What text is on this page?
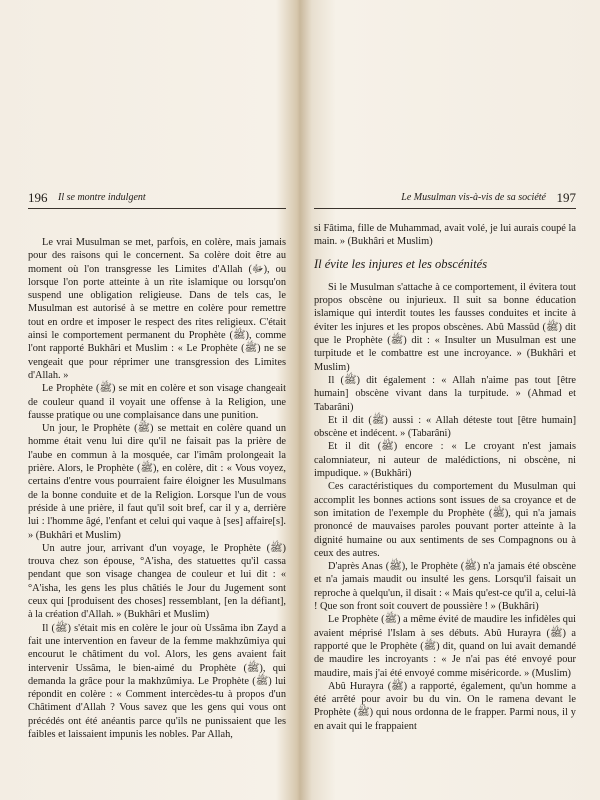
196 Il se montre indulgent

Le vrai Musulman se met, parfois, en colère, mais jamais pour des raisons qui le concernent. Sa colère doit être au moment où l'on transgresse les Limites d'Allah (ﷻ), ou lorsque l'on porte atteinte à un rite islamique ou lorsqu'on suspend une obligation religieuse. Dans de tels cas, le Musulman est autorisé à se mettre en colère pour remettre tout en ordre et imposer le respect des rites religieux. C'était ainsi le comportement permanent du Prophète (ﷺ), comme l'ont rapporté Bukhâri et Muslim : « Le Prophète (ﷺ) ne se vengeait que pour réprimer une transgression des Limites d'Allah. »

Le Prophète (ﷺ) se mit en colère et son visage changeait de couleur quand il voyait une offense à la Religion, une fausse pratique ou une complaisance dans une punition.

Un jour, le Prophète (ﷺ) se mettait en colère quand un homme était venu lui dire qu'il ne faisait pas la prière de l'aube en commun à la mosquée, car l'imâm prolongeait la prière. Alors, le Prophète (ﷺ), en colère, dit : « Vous voyez, certains d'entre vous pourraient faire éloigner les Musulmans de la bonne conduite et de la Religion. Lorsque l'un de vous préside à une prière, il faut qu'il soit bref, car il y a, derrière lui : l'homme âgé, l'enfant et celui qui vaque à [ses] affaire[s]. » (Bukhâri et Muslim)

Un autre jour, arrivant d'un voyage, le Prophète (ﷺ) trouva chez son épouse, °A'isha, des statuettes qu'il cassa pendant que son visage changea de couleur et lui dit : « °A'isha, les gens les plus châtiés le Jour du Jugement sont ceux qui [produisent des choses] ressemblant, [en la défiant], à la création d'Allah. » (Bukhâri et Muslim)

Il (ﷺ) s'était mis en colère le jour où Ussâma ibn Zayd a fait une intervention en faveur de la femme makhzûmiya qui encourut le châtiment du vol. Alors, les gens avaient fait intervenir Ussâma, le bien-aimé du Prophète (ﷺ), qui demanda la grâce pour la makhzûmiya. Le Prophète (ﷺ) lui répondit en colère : « Comment intercèdes-tu à propos d'un Châtiment d'Allah ? Vous savez que les gens qui vous ont précédés ont été anéantis parce qu'ils ne punissaient que les faibles et laissaient impunis les nobles. Par Allah,

Le Musulman vis-à-vis de sa société 197

si Fâtima, fille de Muhammad, avait volé, je lui aurais coupé la main. » (Bukhâri et Muslim)

Il évite les injures et les obscénités

Si le Musulman s'attache à ce comportement, il évitera tout propos obscène ou injurieux. Il suit sa bonne éducation islamique qui interdit toutes les fausses conduites et incite à éviter les injures et les propos obscènes. Abû Massûd (ﷺ) dit que le Prophète (ﷺ) dit : « Insulter un Musulman est une turpitude et le combattre est une incroyance. » (Bukhâri et Muslim)

Il (ﷺ) dit également : « Allah n'aime pas tout [être humain] obscène vivant dans la turpitude. » (Ahmad et Tabarâni)

Et il dit (ﷺ) aussi : « Allah déteste tout [être humain] obscène et indécent. » (Tabarâni)

Et il dit (ﷺ) encore : « Le croyant n'est jamais calomniateur, ni auteur de malédictions, ni obscène, ni impudique. » (Bukhâri)

Ces caractéristiques du comportement du Musulman qui accomplit les bonnes actions sont issues de sa croyance et de son imitation de l'exemple du Prophète (ﷺ), qui n'a jamais prononcé de mauvaises paroles pouvant porter atteinte à la dignité humaine ou aux sentiments de ses Compagnons ou à ceux des autres.

D'après Anas (ﷺ), le Prophète (ﷺ) n'a jamais été obscène et n'a jamais maudit ou insulté les gens. Lorsqu'il faisait un reproche à quelqu'un, il disait : « Mais qu'est-ce qu'il a, celui-là ! Que son front soit couvert de poussière ! » (Bukhâri)

Le Prophète (ﷺ) a même évité de maudire les infidèles qui avaient méprisé l'Islam à ses débuts. Abû Hurayra (ﷺ) a rapporté que le Prophète (ﷺ) dit, quand on lui avait demandé de maudire les incroyants : « Je n'ai pas été envoyé pour maudire, mais j'ai été envoyé comme miséricorde. » (Muslim)

Abû Hurayra (ﷺ) a rapporté, également, qu'un homme a été arrêté pour avoir bu du vin. On le ramena devant le Prophète (ﷺ) qui nous ordonna de le frapper. Parmi nous, il y en avait qui le frappaient
